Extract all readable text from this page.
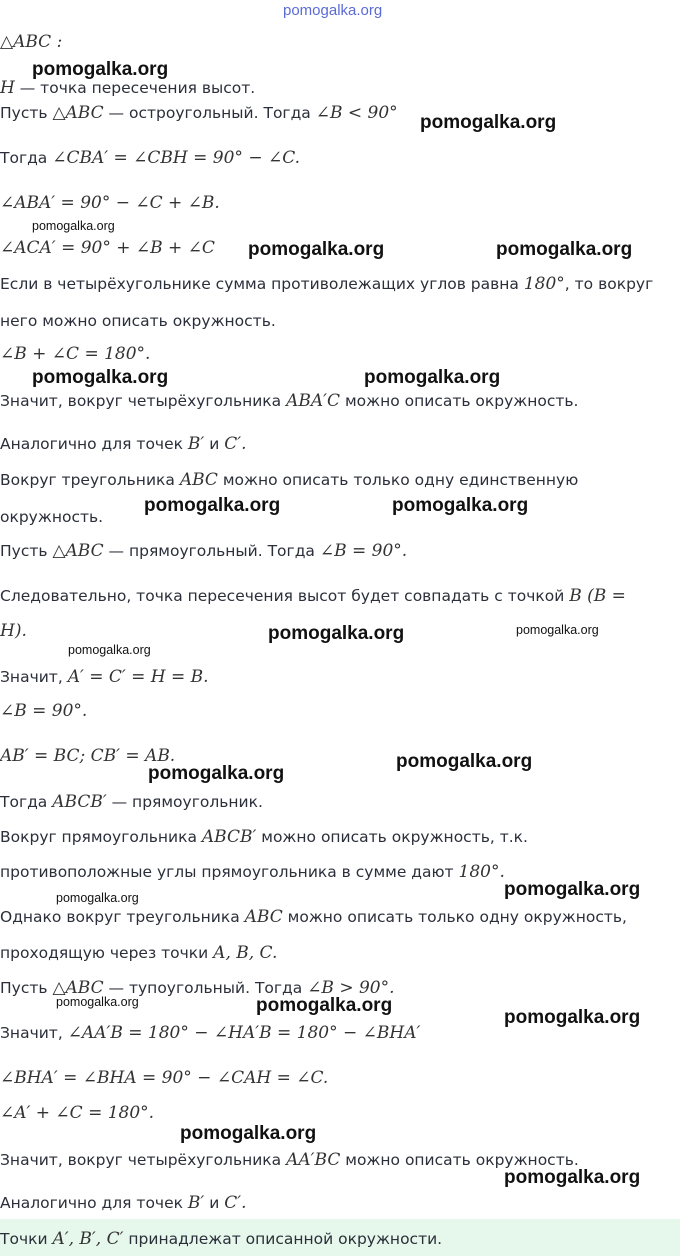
△ABC :
H — точка пересечения высот.
Пусть △ABC — остроугольный. Тогда ∠B < 90°
Тогда ∠CBA′ = ∠CBH = 90° − ∠C.
∠ABA′ = 90° − ∠C + ∠B.
∠ACA′ = 90° + ∠B + ∠C
Если в четырёхугольнике сумма противолежащих углов равна 180°, то вокруг
него можно описать окружность.
∠B + ∠C = 180°.
Значит, вокруг четырёхугольника ABA′C можно описать окружность.
Аналогично для точек B′ и C′.
Вокруг треугольника ABC можно описать только одну единственную
окружность.
Пусть △ABC — прямоугольный. Тогда ∠B = 90°.
Следовательно, точка пересечения высот будет совпадать с точкой B (B =
H).
Значит, A′ = C′ = H = B.
∠B = 90°.
AB′ = BC; CB′ = AB.
Тогда ABCB′ — прямоугольник.
Вокруг прямоугольника ABCB′ можно описать окружность, т.к.
противоположные углы прямоугольника в сумме дают 180°.
Однако вокруг треугольника ABC можно описать только одну окружность,
проходящую через точки A, B, C.
Пусть △ABC — тупоугольный. Тогда ∠B > 90°.
Значит, ∠AA′B = 180° − ∠HA′B = 180° − ∠BHA′
∠BHA′ = ∠BHA = 90° − ∠CAH = ∠C.
∠A′ + ∠C = 180°.
Значит, вокруг четырёхугольника AA′BC можно описать окружность.
Аналогично для точек B′ и C′.
Точки A′, B′, C′ принадлежат описанной окружности.
pomogalka.org
pomogalka.org
pomogalka.org
pomogalka.org
pomogalka.org	pomogalka.org
pomogalka.org	pomogalka.org
pomogalka.org	pomogalka.org
pomogalka.org
pomogalka.org
pomogalka.org
pomogalka.org
pomogalka.org
pomogalka.org	pomogalka.org
pomogalka.org	pomogalka.org
pomogalka.org
pomogalka.org
pomogalka.org
